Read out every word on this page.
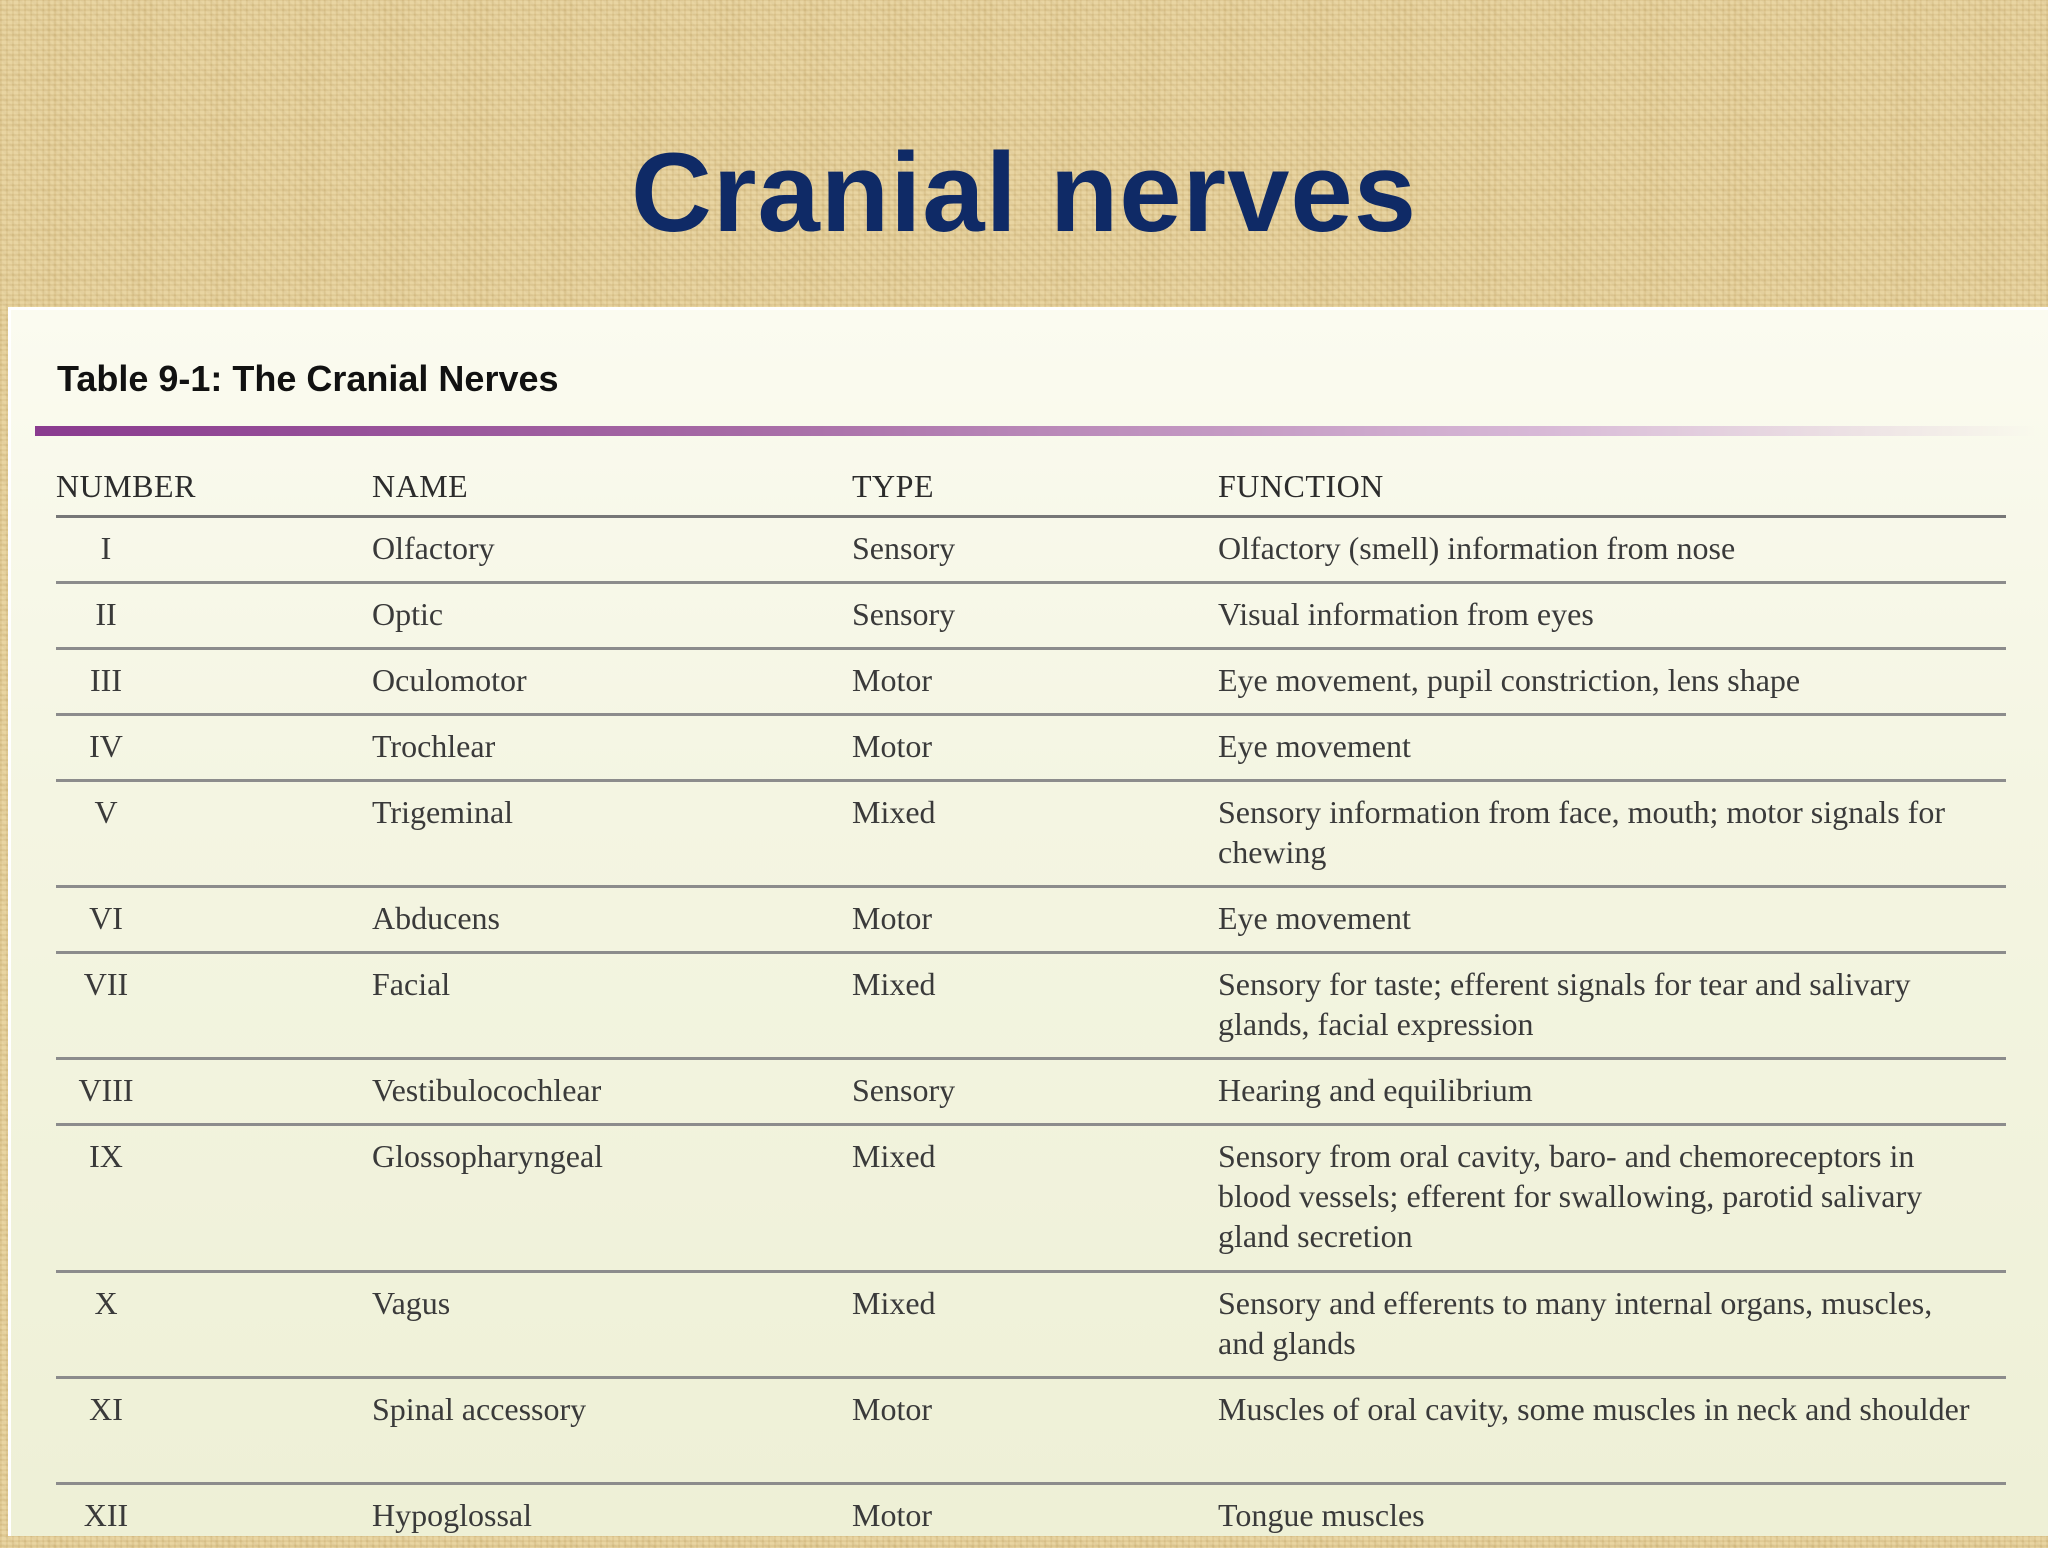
Cranial nerves
Table 9-1: The Cranial Nerves
NUMBER	NAME	TYPE	FUNCTION
I	Olfactory	Sensory	Olfactory (smell) information from nose
II	Optic	Sensory	Visual information from eyes
III	Oculomotor	Motor	Eye movement, pupil constriction, lens shape
IV	Trochlear	Motor	Eye movement
V	Trigeminal	Mixed	Sensory information from face, mouth; motor signals for chewing
VI	Abducens	Motor	Eye movement
VII	Facial	Mixed	Sensory for taste; efferent signals for tear and salivary glands, facial expression
VIII	Vestibulocochlear	Sensory	Hearing and equilibrium
IX	Glossopharyngeal	Mixed	Sensory from oral cavity, baro- and chemoreceptors in blood vessels; efferent for swallowing, parotid salivary gland secretion
X	Vagus	Mixed	Sensory and efferents to many internal organs, muscles, and glands
XI	Spinal accessory	Motor	Muscles of oral cavity, some muscles in neck and shoulder
XII	Hypoglossal	Motor	Tongue muscles
